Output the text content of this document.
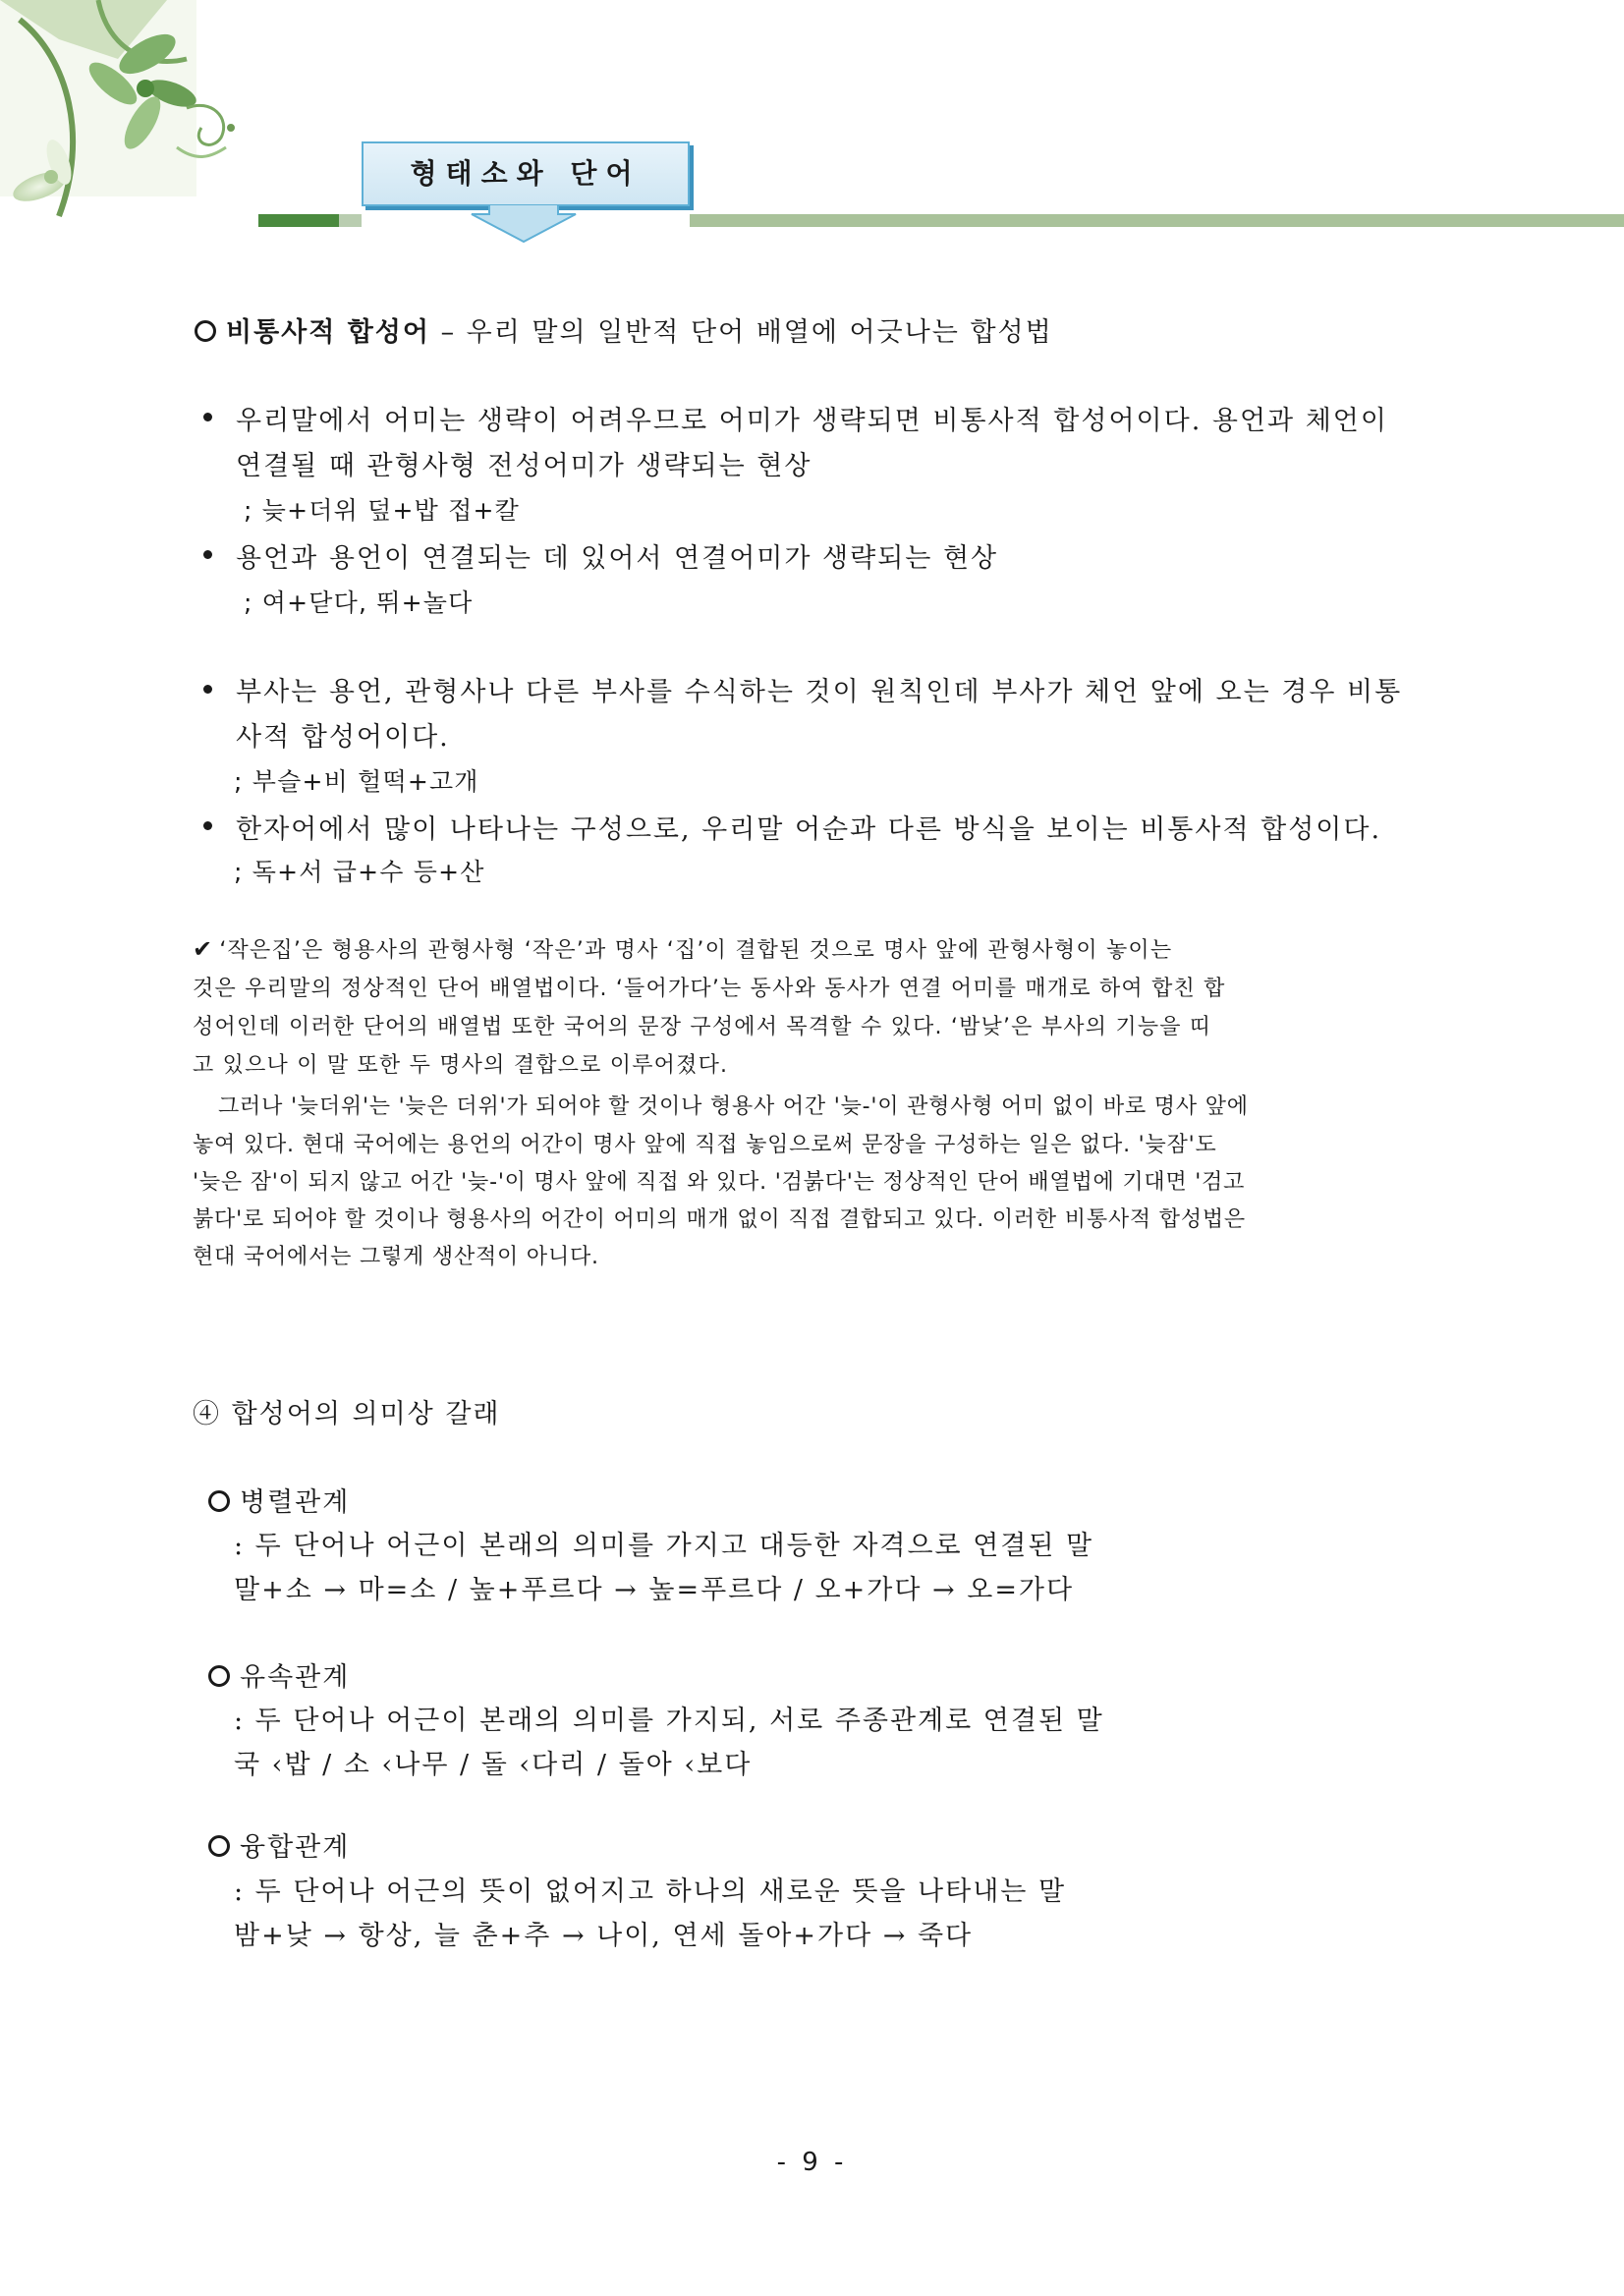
형태소와 단어
비통사적 합성어 – 우리 말의 일반적 단어 배열에 어긋나는 합성법
우리말에서 어미는 생략이 어려우므로 어미가 생략되면 비통사적 합성어이다. 용언과 체언이
연결될 때 관형사형 전성어미가 생략되는 현상
; 늦+더위 덮+밥 접+칼
용언과 용언이 연결되는 데 있어서 연결어미가 생략되는 현상
; 여+닫다, 뛰+놀다
부사는 용언, 관형사나 다른 부사를 수식하는 것이 원칙인데 부사가 체언 앞에 오는 경우 비통
사적 합성어이다.
; 부슬+비 헐떡+고개
한자어에서 많이 나타나는 구성으로, 우리말 어순과 다른 방식을 보이는 비통사적 합성이다.
; 독+서 급+수 등+산
✔ ‘작은집’은 형용사의 관형사형 ‘작은’과 명사 ‘집’이 결합된 것으로 명사 앞에 관형사형이 놓이는
것은 우리말의 정상적인 단어 배열법이다. ‘들어가다’는 동사와 동사가 연결 어미를 매개로 하여 합친 합
성어인데 이러한 단어의 배열법 또한 국어의 문장 구성에서 목격할 수 있다. ‘밤낮’은 부사의 기능을 띠
고 있으나 이 말 또한 두 명사의 결합으로 이루어졌다.
그러나 '늦더위'는 '늦은 더위'가 되어야 할 것이나 형용사 어간 '늦-'이 관형사형 어미 없이 바로 명사 앞에
놓여 있다. 현대 국어에는 용언의 어간이 명사 앞에 직접 놓임으로써 문장을 구성하는 일은 없다. '늦잠'도
'늦은 잠'이 되지 않고 어간 '늦-'이 명사 앞에 직접 와 있다. '검붉다'는 정상적인 단어 배열법에 기대면 '검고
붉다'로 되어야 할 것이나 형용사의 어간이 어미의 매개 없이 직접 결합되고 있다. 이러한 비통사적 합성법은
현대 국어에서는 그렇게 생산적이 아니다.
④ 합성어의 의미상 갈래
병렬관계
: 두 단어나 어근이 본래의 의미를 가지고 대등한 자격으로 연결된 말
말+소 → 마=소 / 높+푸르다 → 높=푸르다 / 오+가다 → 오=가다
유속관계
: 두 단어나 어근이 본래의 의미를 가지되, 서로 주종관계로 연결된 말
국 ‹밥 / 소 ‹나무 / 돌 ‹다리 / 돌아 ‹보다
융합관계
: 두 단어나 어근의 뜻이 없어지고 하나의 새로운 뜻을 나타내는 말
밤+낮 → 항상, 늘 춘+추 → 나이, 연세 돌아+가다 → 죽다
- 9 -
